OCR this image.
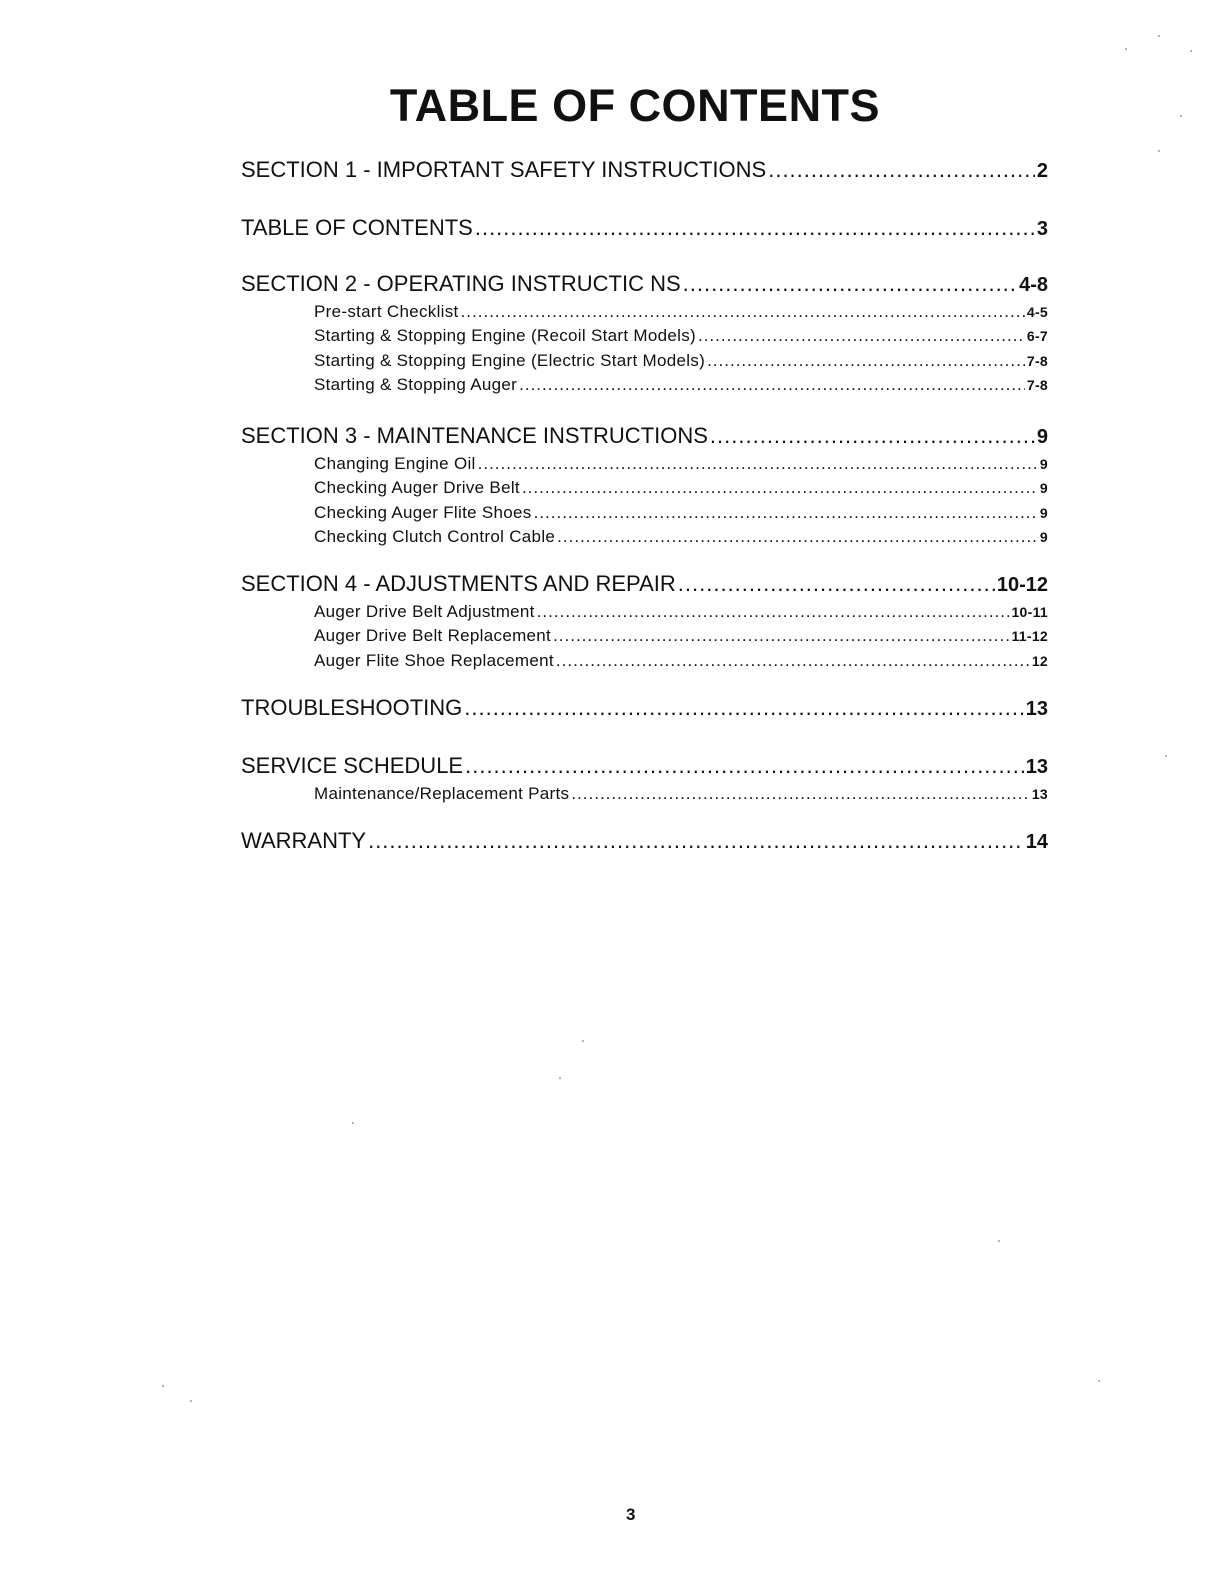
TABLE OF CONTENTS
SECTION 1 - IMPORTANT SAFETY INSTRUCTIONS .....	2
TABLE OF CONTENTS .....	3
SECTION 2 - OPERATING INSTRUCTIC NS .....	4-8
Pre-start Checklist .....	4-5
Starting & Stopping Engine (Recoil Start Models) .....	6-7
Starting & Stopping Engine (Electric Start Models) .....	7-8
Starting & Stopping Auger .....	7-8
SECTION 3 - MAINTENANCE INSTRUCTIONS .....	9
Changing Engine Oil .....	9
Checking Auger Drive Belt .....	9
Checking Auger Flite Shoes .....	9
Checking Clutch Control Cable .....	9
SECTION 4 - ADJUSTMENTS AND REPAIR .....	10-12
Auger Drive Belt Adjustment .....	10-11
Auger Drive Belt Replacement .....	11-12
Auger Flite Shoe Replacement .....	12
TROUBLESHOOTING .....	13
SERVICE SCHEDULE .....	13
Maintenance/Replacement Parts .....	13
WARRANTY .....	14
3
